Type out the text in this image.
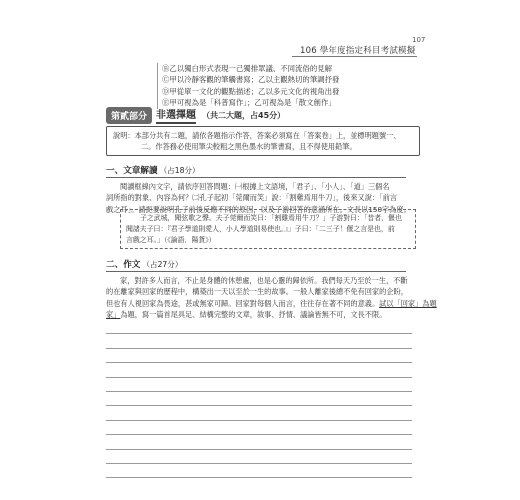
107
106 學年度指定科目考試模擬
Ⓑ乙以獨白形式表現一己獨排眾議、不同流俗的見解
Ⓒ甲以冷靜客觀的筆觸書寫；乙以主觀熱切的筆調抒發
Ⓓ甲從單一文化的觀點描述；乙以多元文化的視角出發
Ⓔ甲可視為是「科普寫作」；乙可視為是「散文創作」
第貳部分 非選擇題 （共二大題，占45分）
說明：本部分共有二題，請依各題指示作答，答案必須寫在「答案卷」上，並標明題號一、
二。作答務必使用筆尖較粗之黑色墨水的筆書寫，且不得使用鉛筆。
一、文章解讀 （占18分）
閱讀框線內文字，請依序回答問題：㈠根據上文語境，「君子」、「小人」、「道」三個名
詞所指的對象、內容為何？㈡孔子起初「莞爾而笑」說：「割雞焉用牛刀」，後來又說：「前言
戲之耳」。請扼要說明孔子前後反應不同的原因，以及子游回答的意涵所在。文長以150字為度。
子之武城，聞弦歌之聲。夫子莞爾而笑曰：「割雞焉用牛刀？」子游對曰：「昔者，偃也
聞諸夫子曰：『君子學道則愛人，小人學道則易使也。』」子曰：「二三子！偃之言是也，前
言戲之耳。」（《論語．陽貨》）
二、作文 （占27分）
家，對許多人而言，不止是身體的休憩處，也是心靈的歸依所。我們每天乃至於一生，不斷
的在離家與回家的歷程中，構築出一天以至於一生的故事。一般人離家後總不免有回家的企盼，
但也有人視回家為畏途，甚或無家可歸。回家對每個人而言，往往存在著不同的意義。試以「回家」為題
家」為題，寫一篇首尾具足、結構完整的文章，敘事、抒情、議論皆無不可，文長不限。
